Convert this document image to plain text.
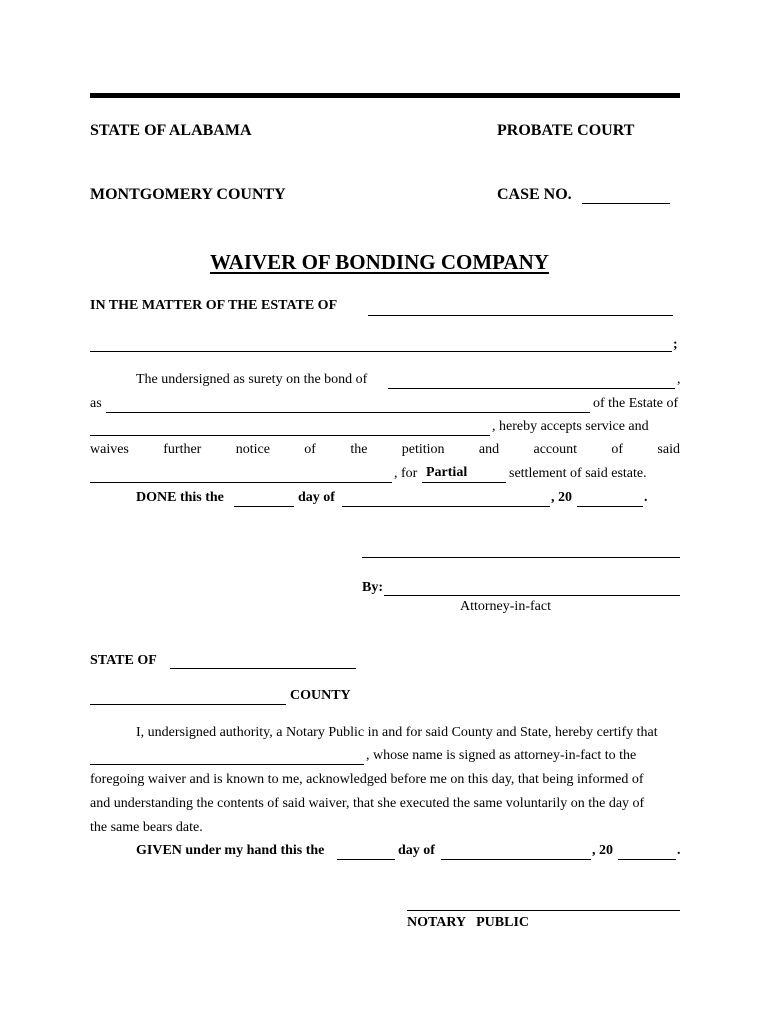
STATE OF ALABAMA	PROBATE COURT
MONTGOMERY COUNTY	CASE NO.
WAIVER OF BONDING COMPANY
IN THE MATTER OF THE ESTATE OF
;
The undersigned as surety on the bond of	,
as	of the Estate of
, hereby accepts service and
waives further notice of the petition and account of said
, for Partial	settlement of said estate.
DONE this the	day of	, 20	.
By:
Attorney-in-fact
STATE OF
COUNTY
I, undersigned authority, a Notary Public in and for said County and State, hereby certify that
, whose name is signed as attorney-in-fact to the
foregoing waiver and is known to me, acknowledged before me on this day, that being informed of
and understanding the contents of said waiver, that she executed the same voluntarily on the day of
the same bears date.
GIVEN under my hand this the	day of	, 20	.
NOTARY   PUBLIC
